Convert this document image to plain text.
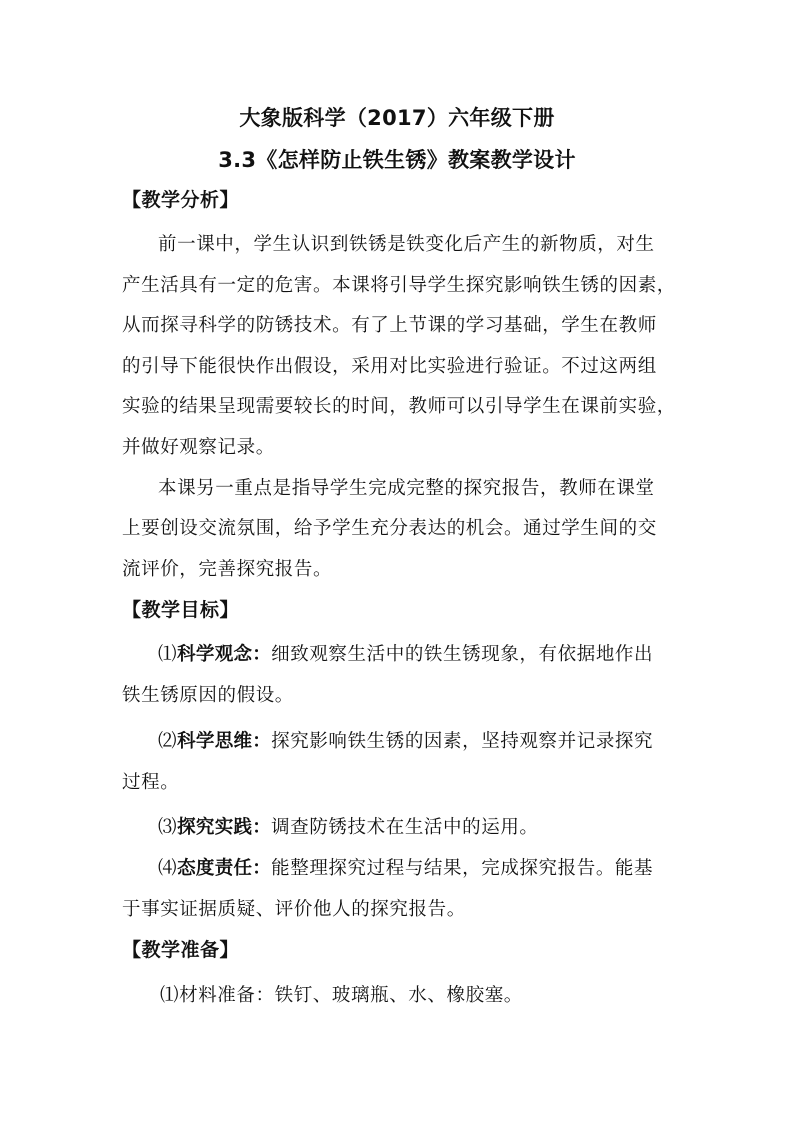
大象版科学（2017）六年级下册
3.3《怎样防止铁生锈》教案教学设计
【教学分析】
前一课中，学生认识到铁锈是铁变化后产生的新物质，对生
产生活具有一定的危害。本课将引导学生探究影响铁生锈的因素，
从而探寻科学的防锈技术。有了上节课的学习基础，学生在教师
的引导下能很快作出假设，采用对比实验进行验证。不过这两组
实验的结果呈现需要较长的时间，教师可以引导学生在课前实验，
并做好观察记录。
本课另一重点是指导学生完成完整的探究报告，教师在课堂
上要创设交流氛围，给予学生充分表达的机会。通过学生间的交
流评价，完善探究报告。
【教学目标】
⑴科学观念：细致观察生活中的铁生锈现象，有依据地作出
铁生锈原因的假设。
⑵科学思维：探究影响铁生锈的因素，坚持观察并记录探究
过程。
⑶探究实践：调查防锈技术在生活中的运用。
⑷态度责任：能整理探究过程与结果，完成探究报告。能基
于事实证据质疑、评价他人的探究报告。
【教学准备】
⑴材料准备：铁钉、玻璃瓶、水、橡胶塞。
